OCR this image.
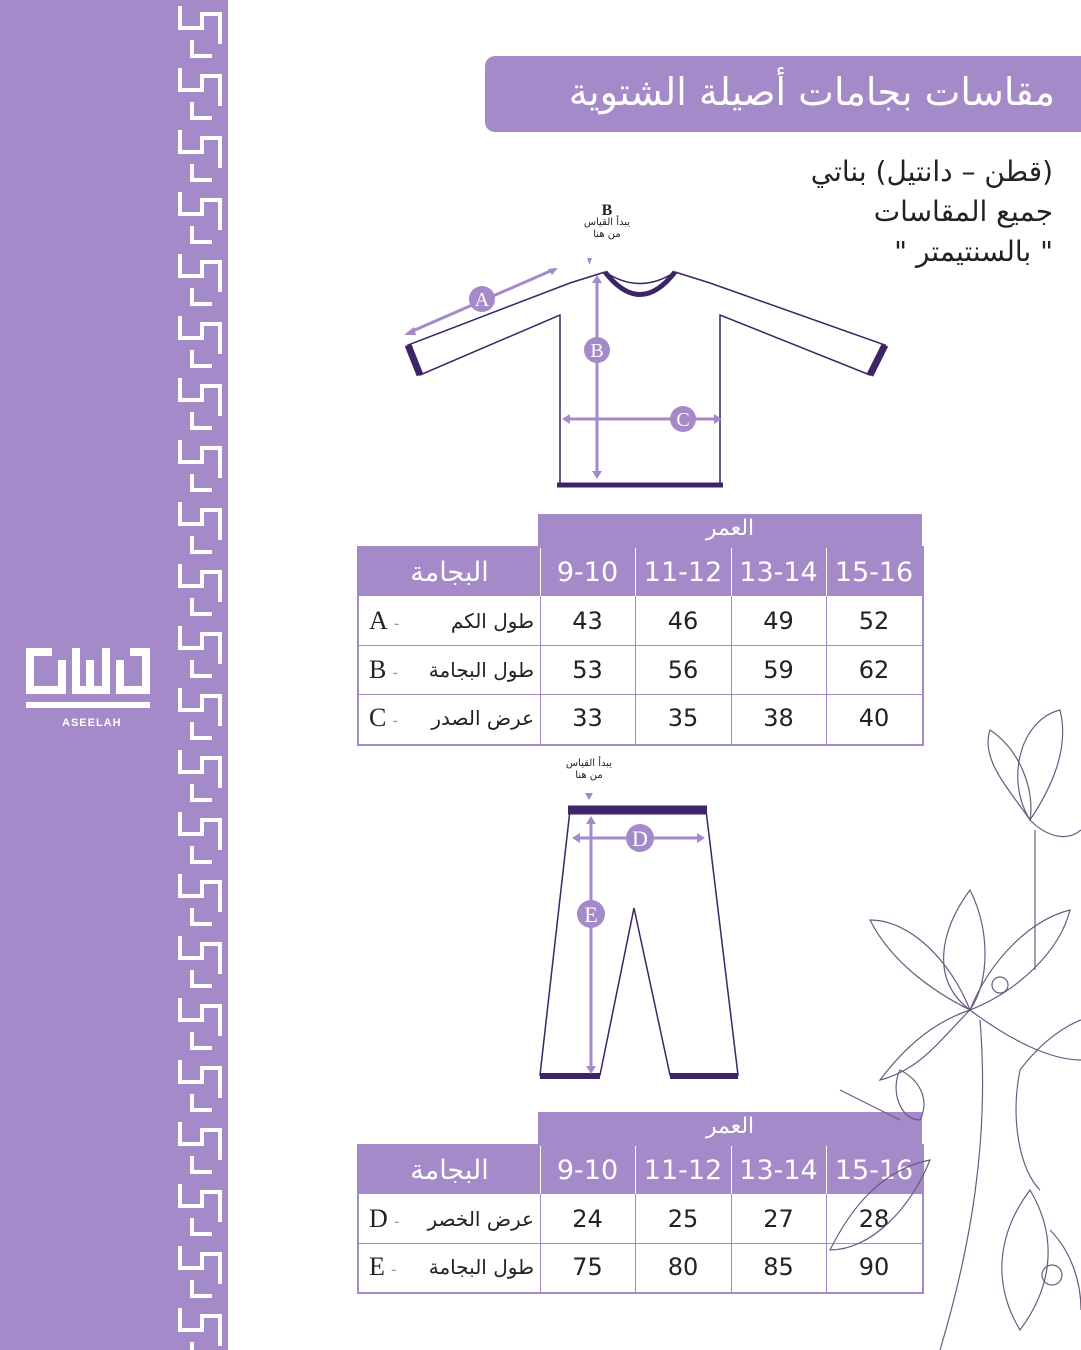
ASEELAH
مقاسات بجامات أصيلة الشتوية
(قطن – دانتيل) بناتي
جميع المقاسات
" بالسنتيمتر "
B
يبدأ القياس
من هنا
A
B
C
العمر
البجامة	9-10 11-12 13-14 15-16
A -	طول الكم	43	46	49	52
B - طول البجامة	53	56	59	62
C - عرض الصدر	33	35	38	40
يبدأ القياس
من هنا
D
E
العمر
البجامة	9-10 11-12 13-14 15-16
D - عرض الخصر	24	25	27	28
E - طول البجامة	75	80	85	90
